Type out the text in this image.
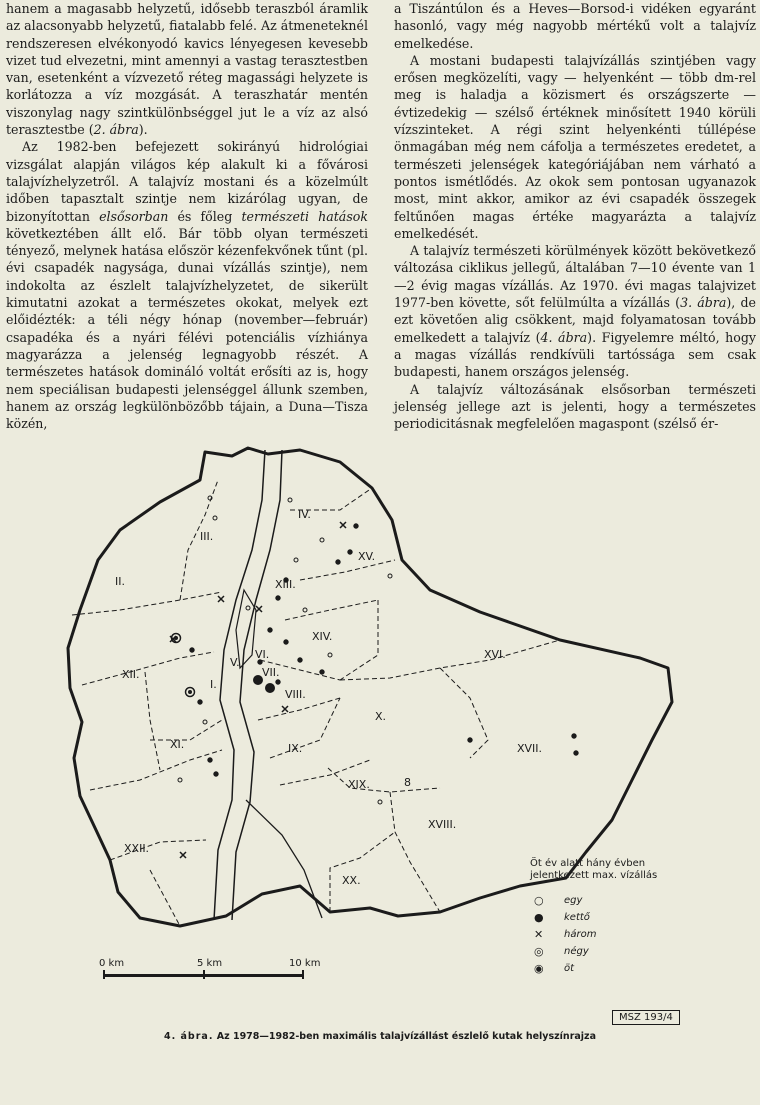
hanem a magasabb helyzetű, idősebb teraszból áramlik az alacsonyabb helyzetű, fiatalabb felé. Az átmeneteknél rendszeresen elvékonyodó kavics lényegesen kevesebb vizet tud elvezetni, mint amennyi a vastag terasztestben van, esetenként a vízvezető réteg magassági helyzete is korlátozza a víz mozgását. A teraszhatár mentén viszonylag nagy szintkülönbséggel jut le a víz az alsó terasztestbe (2. ábra).

Az 1982-ben befejezett sokirányú hidrológiai vizsgálat alapján világos kép alakult ki a fővárosi talajvízhelyzetről. A talajvíz mostani és a közelmúlt időben tapasztalt szintje nem kizárólag ugyan, de bizonyítottan elsősorban és főleg természeti hatások következtében állt elő. Bár több olyan természeti tényező, melynek hatása először kézenfekvőnek tűnt (pl. évi csapadék nagysága, dunai vízállás szintje), nem indokolta az észlelt talajvízhelyzetet, de sikerült kimutatni azokat a természetes okokat, melyek ezt előidézték: a téli négy hónap (november—február) csapadéka és a nyári félévi potenciális vízhiánya magyarázza a jelenség legnagyobb részét. A természetes hatások domináló voltát erősíti az is, hogy nem speciálisan budapesti jelenséggel állunk szemben, hanem az ország legkülönbözőbb tájain, a Duna—Tisza közén,

a Tiszántúlon és a Heves—Borsod-i vidéken egyaránt hasonló, vagy még nagyobb mértékű volt a talajvíz emelkedése.

A mostani budapesti talajvízállás szintjében vagy erősen megközelíti, vagy — helyenként — több dm-rel meg is haladja a közismert és országszerte — évtizedekig — szélső értéknek minősített 1940 körüli vízszinteket. A régi szint helyenkénti túllépése önmagában még nem cáfolja a természetes eredetet, a természeti jelenségek kategóriájában nem várható a pontos ismétlődés. Az okok sem pontosan ugyanazok most, mint akkor, amikor az évi csapadék összegek feltűnően magas értéke magyarázta a talajvíz emelkedését.

A talajvíz természeti körülmények között bekövetkező változása ciklikus jellegű, általában 7—10 évente van 1—2 évig magas vízállás. Az 1970. évi magas talajvizet 1977-ben követte, sőt felülmúlta a vízállás (3. ábra), de ezt követően alig csökkent, majd folyamatosan tovább emelkedett a talajvíz (4. ábra). Figyelemre méltó, hogy a magas vízállás rendkívüli tartóssága sem csak budapesti, hanem országos jelenség.

A talajvíz változásának elsősorban természeti jelenség jellege azt is jelenti, hogy a természetes periodicitásnak megfelelően magaspont (szélső ér-

I.
II.
III.
IV.
V.
VI.
VII.
VIII.
IX.
X.
XI.
XII.
XIII.
XIV.
XV.
XVI.
XVII.
XVIII.
XIX.
XX.
XXII.
8
Öt év alatt hány évben jelentkezett max. vízállás
○	egy
●	kettő
✕	három
◎	négy
◉	öt
0 km	5 km	10 km
MSZ 193/4
4. ábra. Az 1978—1982-ben maximális talajvízállást észlelő kutak helyszínrajza
